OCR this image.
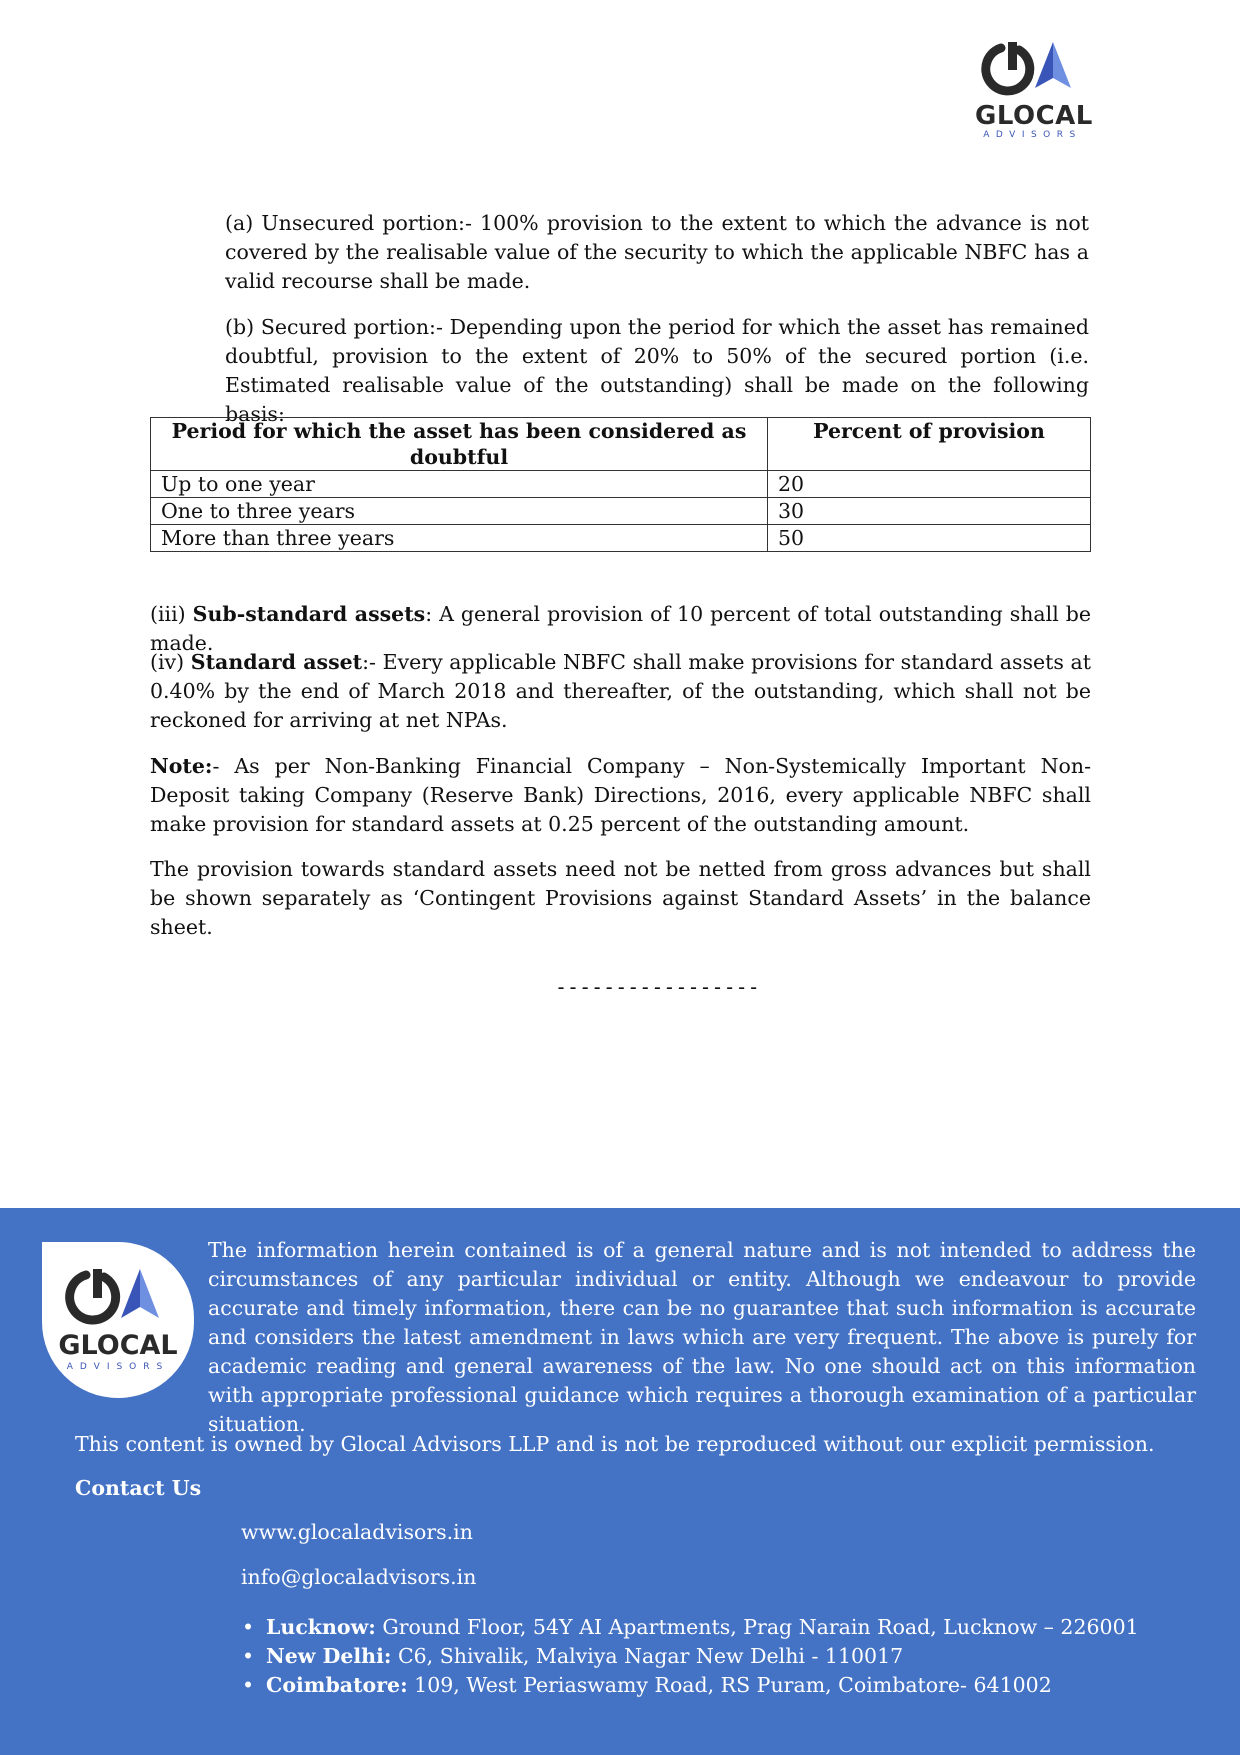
GLOCAL
ADVISORS

(a) Unsecured portion:- 100% provision to the extent to which the advance is not covered by the realisable value of the security to which the applicable NBFC has a valid recourse shall be made.

(b) Secured portion:- Depending upon the period for which the asset has remained doubtful, provision to the extent of 20% to 50% of the secured portion (i.e. Estimated realisable value of the outstanding) shall be made on the following basis:

Period for which the asset has been considered as doubtful	Percent of provision
Up to one year	20
One to three years	30
More than three years	50

(iii) Sub-standard assets: A general provision of 10 percent of total outstanding shall be made.

(iv) Standard asset:- Every applicable NBFC shall make provisions for standard assets at 0.40% by the end of March 2018 and thereafter, of the outstanding, which shall not be reckoned for arriving at net NPAs.

Note:- As per Non-Banking Financial Company – Non-Systemically Important Non-Deposit taking Company (Reserve Bank) Directions, 2016, every applicable NBFC shall make provision for standard assets at 0.25 percent of the outstanding amount.

The provision towards standard assets need not be netted from gross advances but shall be shown separately as ‘Contingent Provisions against Standard Assets’ in the balance sheet.

-----------------
GLOCAL
ADVISORS

The information herein contained is of a general nature and is not intended to address the circumstances of any particular individual or entity. Although we endeavour to provide accurate and timely information, there can be no guarantee that such information is accurate and considers the latest amendment in laws which are very frequent. The above is purely for academic reading and general awareness of the law. No one should act on this information with appropriate professional guidance which requires a thorough examination of a particular situation.

This content is owned by Glocal Advisors LLP and is not be reproduced without our explicit permission.

Contact Us

www.glocaladvisors.in
info@glocaladvisors.in
• Lucknow: Ground Floor, 54Y AI Apartments, Prag Narain Road, Lucknow – 226001
• New Delhi: C6, Shivalik, Malviya Nagar New Delhi - 110017
• Coimbatore: 109, West Periaswamy Road, RS Puram, Coimbatore- 641002
